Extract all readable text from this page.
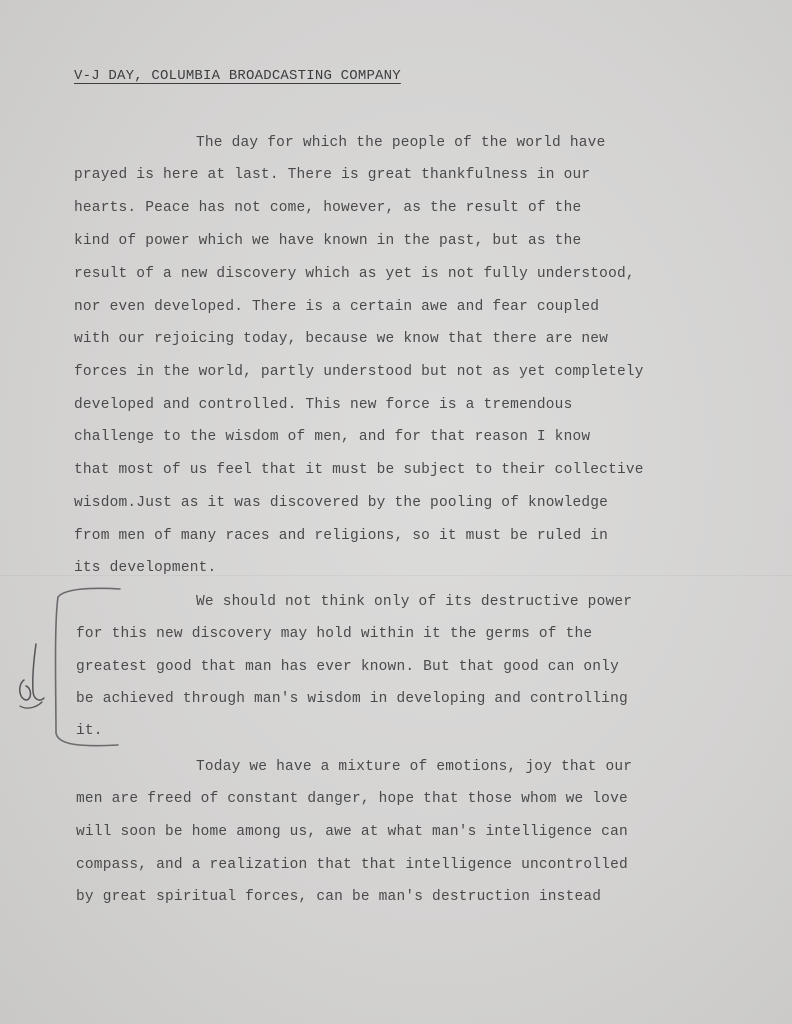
V-J DAY, COLUMBIA BROADCASTING COMPANY
The day for which the people of the world have
prayed is here at last. There is great thankfulness in our
hearts. Peace has not come, however, as the result of the
kind of power which we have known in the past, but as the
result of a new discovery which as yet is not fully understood,
nor even developed. There is a certain awe and fear coupled
with our rejoicing today, because we know that there are new
forces in the world, partly understood but not as yet completely
developed and controlled. This new force is a tremendous
challenge to the wisdom of men, and for that reason I know
that most of us feel that it must be subject to their collective
wisdom.Just as it was discovered by the pooling of knowledge
from men of many races and religions, so it must be ruled in
its development.
We should not think only of its destructive power
for this new discovery may hold within it the germs of the
greatest good that man has ever known. But that good can only
be achieved through man's wisdom in developing and controlling
it.
Today we have a mixture of emotions, joy that our
men are freed of constant danger, hope that those whom we love
will soon be home among us, awe at what man's intelligence can
compass, and a realization that that intelligence uncontrolled
by great spiritual forces, can be man's destruction instead
